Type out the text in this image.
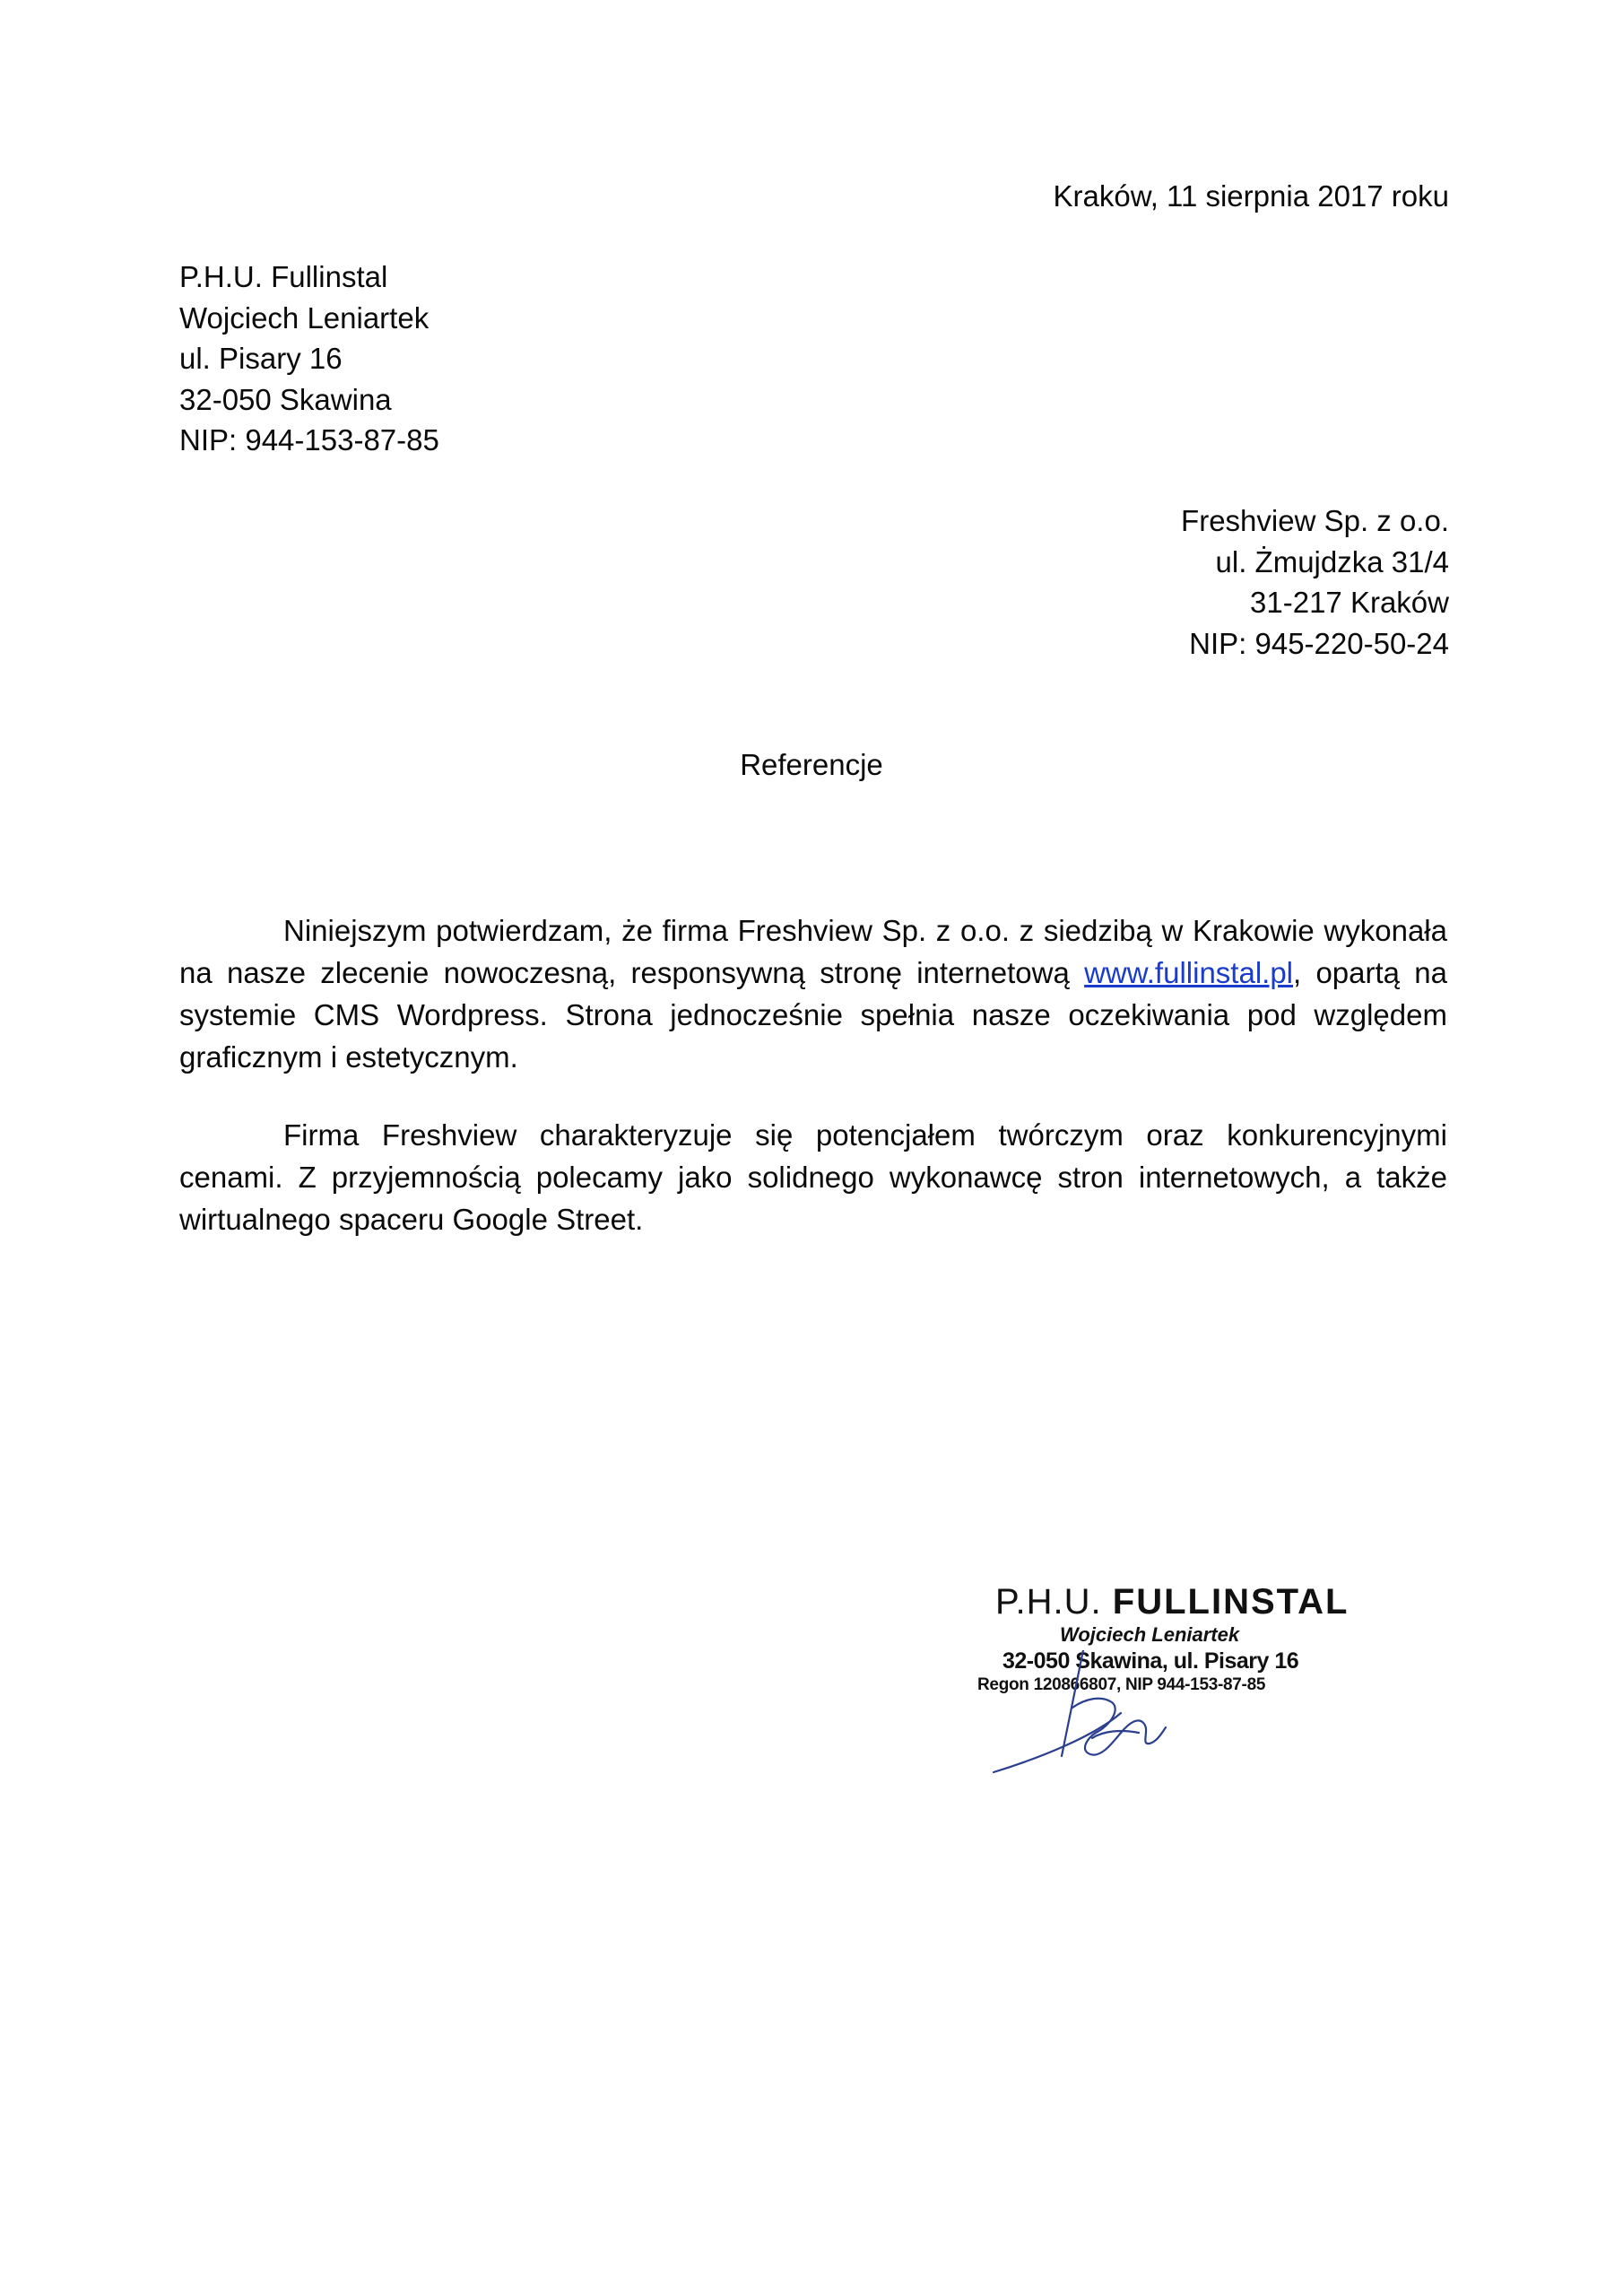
Kraków, 11 sierpnia 2017 roku
P.H.U. Fullinstal
Wojciech Leniartek
ul. Pisary 16
32-050 Skawina
NIP: 944-153-87-85
Freshview Sp. z o.o.
ul. Żmujdzka 31/4
31-217 Kraków
NIP: 945-220-50-24
Referencje

Niniejszym potwierdzam, że firma Freshview Sp. z o.o. z siedzibą w Krakowie wykonała na nasze zlecenie nowoczesną, responsywną stronę internetową www.fullinstal.pl, opartą na systemie CMS Wordpress. Strona jednocześnie spełnia nasze oczekiwania pod względem graficznym i estetycznym.

Firma Freshview charakteryzuje się potencjałem twórczym oraz konkurencyjnymi cenami. Z przyjemnością polecamy jako solidnego wykonawcę stron internetowych, a także wirtualnego spaceru Google Street.

P.H.U. FULLINSTAL
Wojciech Leniartek
32-050 Skawina, ul. Pisary 16
Regon 120866807, NIP 944-153-87-85
